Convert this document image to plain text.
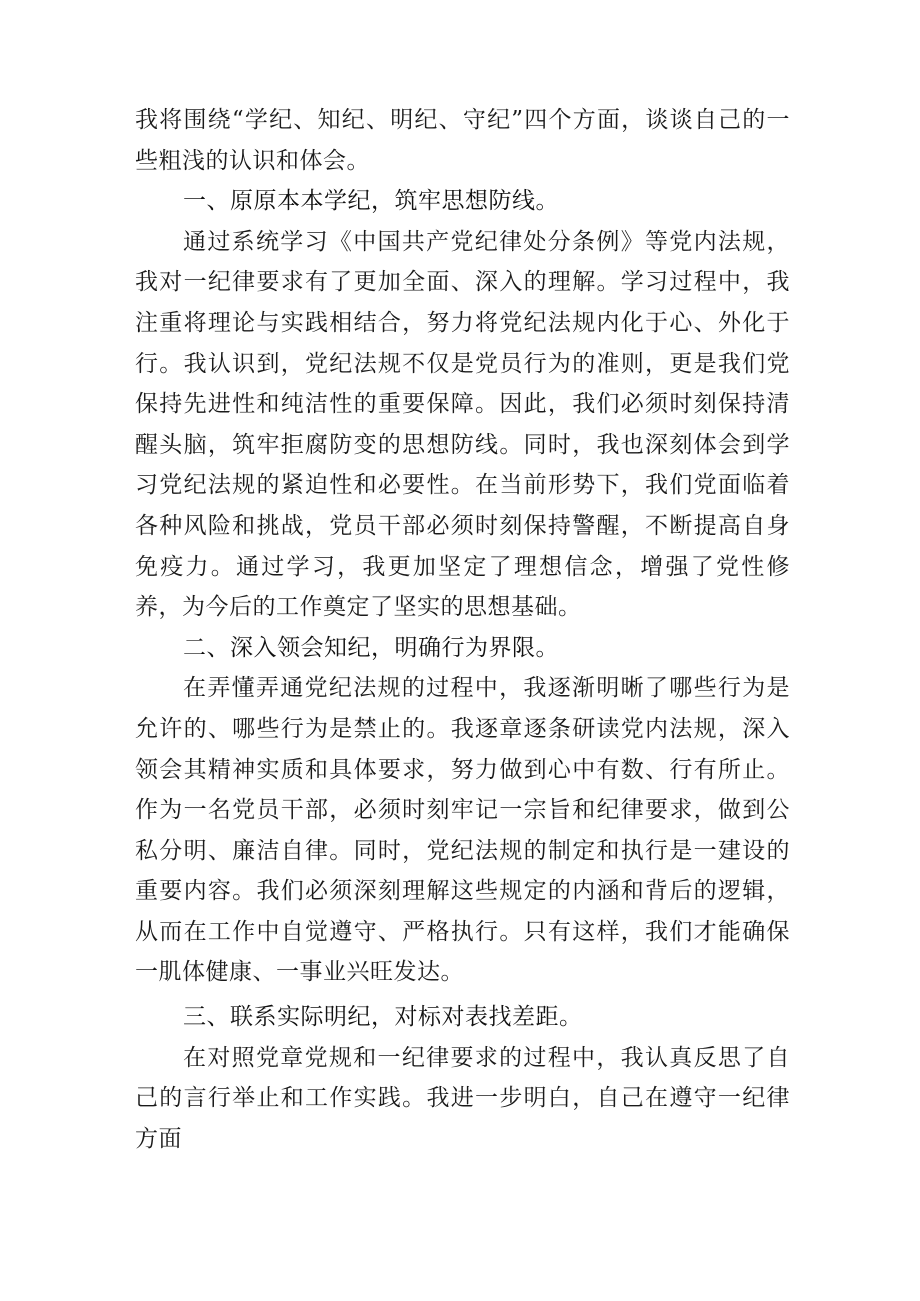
我将围绕“学纪、知纪、明纪、守纪”四个方面，谈谈自己的一些粗浅的认识和体会。

一、原原本本学纪，筑牢思想防线。

通过系统学习《中国共产党纪律处分条例》等党内法规，我对一纪律要求有了更加全面、深入的理解。学习过程中，我注重将理论与实践相结合，努力将党纪法规内化于心、外化于行。我认识到，党纪法规不仅是党员行为的准则，更是我们党保持先进性和纯洁性的重要保障。因此，我们必须时刻保持清醒头脑，筑牢拒腐防变的思想防线。同时，我也深刻体会到学习党纪法规的紧迫性和必要性。在当前形势下，我们党面临着各种风险和挑战，党员干部必须时刻保持警醒，不断提高自身免疫力。通过学习，我更加坚定了理想信念，增强了党性修养，为今后的工作奠定了坚实的思想基础。

二、深入领会知纪，明确行为界限。

在弄懂弄通党纪法规的过程中，我逐渐明晰了哪些行为是允许的、哪些行为是禁止的。我逐章逐条研读党内法规，深入领会其精神实质和具体要求，努力做到心中有数、行有所止。作为一名党员干部，必须时刻牢记一宗旨和纪律要求，做到公私分明、廉洁自律。同时，党纪法规的制定和执行是一建设的重要内容。我们必须深刻理解这些规定的内涵和背后的逻辑，从而在工作中自觉遵守、严格执行。只有这样，我们才能确保一肌体健康、一事业兴旺发达。

三、联系实际明纪，对标对表找差距。

在对照党章党规和一纪律要求的过程中，我认真反思了自己的言行举止和工作实践。我进一步明白，自己在遵守一纪律方面
